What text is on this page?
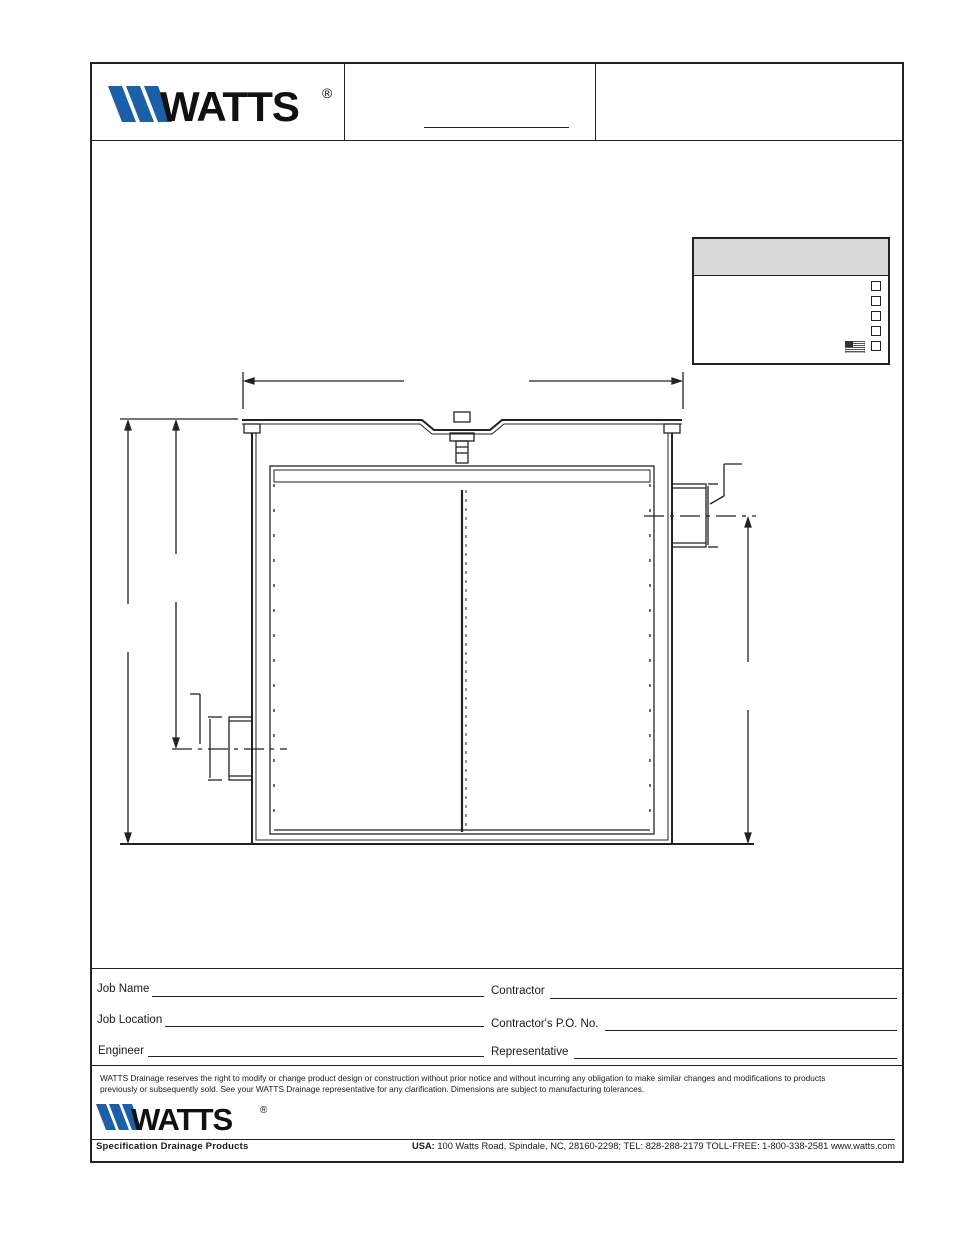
WATTS ®
Job Name
Job Location
Engineer
Contractor
Contractor's P.O. No.
Representative
WATTS Drainage reserves the right to modify or change product design or construction without prior notice and without incurring any obligation to make similar changes and modifications to products
previously or subsequently sold. See your WATTS Drainage representative for any clarification. Dimensions are subject to manufacturing tolerances.
WATTS	®
Specification Drainage Products	USA: 100 Watts Road, Spindale, NC, 28160-2298; TEL: 828-288-2179 TOLL-FREE: 1-800-338-2581 www.watts.com
